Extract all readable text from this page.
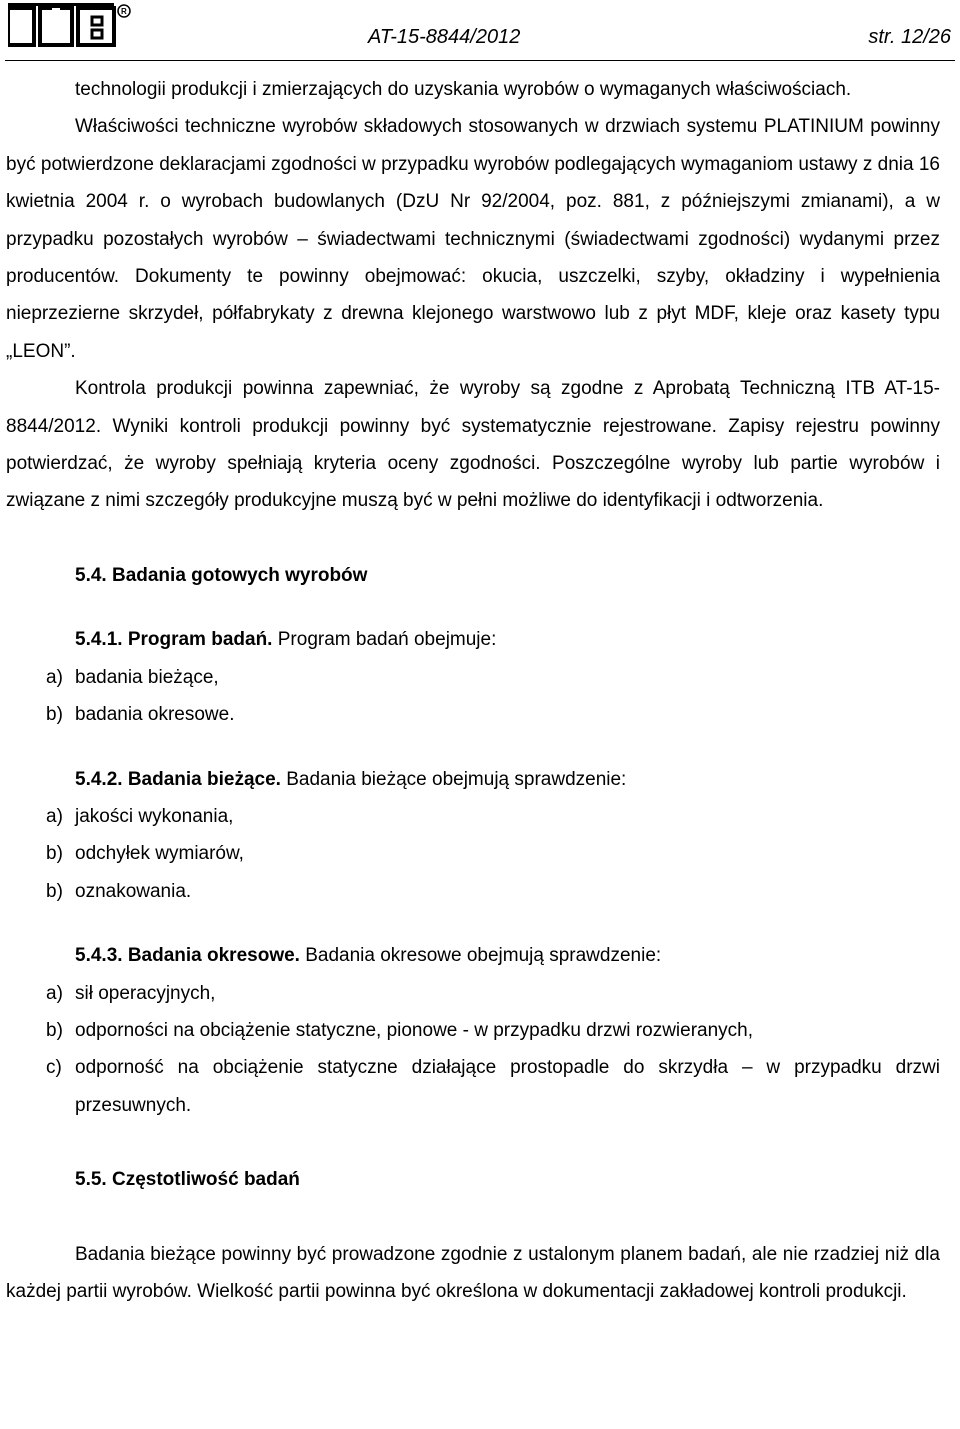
R
AT-15-8844/2012	str. 12/26

technologii produkcji i zmierzających do uzyskania wyrobów o wymaganych właściwościach.

Właściwości techniczne wyrobów składowych stosowanych w drzwiach systemu PLATINIUM powinny być potwierdzone deklaracjami zgodności w przypadku wyrobów podlegających wymaganiom ustawy z dnia 16 kwietnia 2004 r. o wyrobach budowlanych (DzU Nr 92/2004, poz. 881, z późniejszymi zmianami), a w przypadku pozostałych wyrobów – świadectwami technicznymi (świadectwami zgodności) wydanymi przez producentów. Dokumenty te powinny obejmować: okucia, uszczelki, szyby, okładziny i wypełnienia nieprzezierne skrzydeł, półfabrykaty z drewna klejonego warstwowo lub z płyt MDF, kleje oraz kasety typu „LEON”.

Kontrola produkcji powinna zapewniać, że wyroby są zgodne z Aprobatą Techniczną ITB AT-15-8844/2012. Wyniki kontroli produkcji powinny być systematycznie rejestrowane. Zapisy rejestru powinny potwierdzać, że wyroby spełniają kryteria oceny zgodności. Poszczególne wyroby lub partie wyrobów i związane z nimi szczegóły produkcyjne muszą być w pełni możliwe do identyfikacji i odtworzenia.

5.4. Badania gotowych wyrobów

5.4.1. Program badań. Program badań obejmuje:

a) badania bieżące,
b) badania okresowe.

5.4.2. Badania bieżące. Badania bieżące obejmują sprawdzenie:

a) jakości wykonania,
b) odchyłek wymiarów,
b) oznakowania.

5.4.3. Badania okresowe. Badania okresowe obejmują sprawdzenie:

a) sił operacyjnych,
b) odporności na obciążenie statyczne, pionowe - w przypadku drzwi rozwieranych,
c) odporność na obciążenie statyczne działające prostopadle do skrzydła – w przypadku drzwi przesuwnych.

5.5. Częstotliwość badań

Badania bieżące powinny być prowadzone zgodnie z ustalonym planem badań, ale nie rzadziej niż dla każdej partii wyrobów. Wielkość partii powinna być określona w dokumentacji zakładowej kontroli produkcji.
